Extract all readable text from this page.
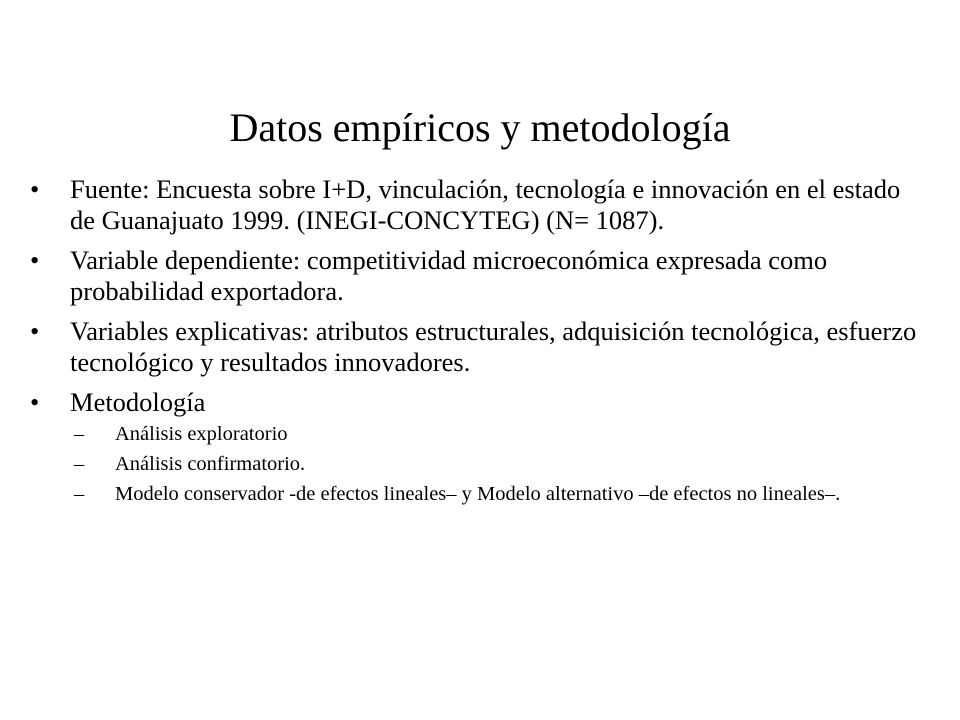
Datos empíricos y metodología
• Fuente: Encuesta sobre I+D, vinculación, tecnología e innovación en el estado de Guanajuato 1999. (INEGI-CONCYTEG) (N= 1087).
• Variable dependiente: competitividad microeconómica expresada como probabilidad exportadora.
• Variables explicativas: atributos estructurales, adquisición tecnológica, esfuerzo tecnológico y resultados innovadores.
• Metodología
– Análisis exploratorio
– Análisis confirmatorio.
– Modelo conservador -de efectos lineales– y Modelo alternativo –de efectos no lineales–.
